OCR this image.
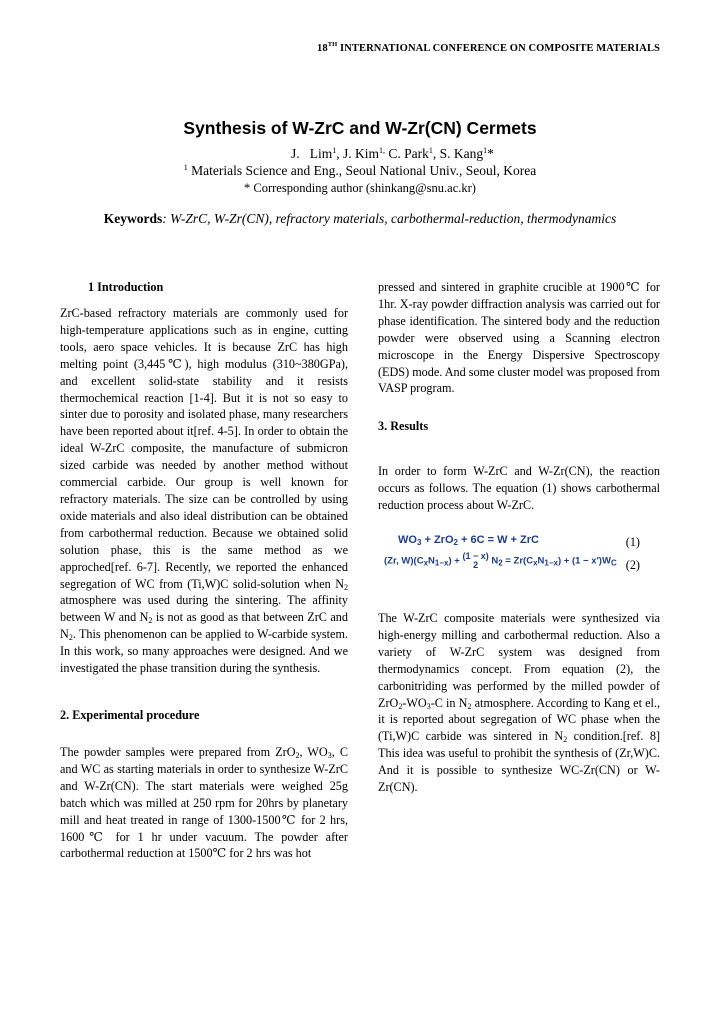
18TH INTERNATIONAL CONFERENCE ON COMPOSITE MATERIALS
Synthesis of W-ZrC and W-Zr(CN) Cermets
J.   Lim$^1$, J. Kim$^{1,}$ C. Park$^1$, S. Kang$^1$*
$^1$ Materials Science and Eng., Seoul National Univ., Seoul, Korea
* Corresponding author (shinkang@snu.ac.kr)
Keywords: W-ZrC, W-Zr(CN), refractory materials, carbothermal-reduction, thermodynamics

1 Introduction

ZrC-based refractory materials are commonly used for high-temperature applications such as in engine, cutting tools, aero space vehicles. It is because ZrC has high melting point (3,445℃), high modulus (310~380GPa), and excellent solid-state stability and it resists thermochemical reaction [1-4]. But it is not so easy to sinter due to porosity and isolated phase, many researchers have been reported about it[ref. 4-5]. In order to obtain the ideal W-ZrC composite, the manufacture of submicron sized carbide was needed by another method without commercial carbide. Our group is well known for refractory materials. The size can be controlled by using oxide materials and also ideal distribution can be obtained from carbothermal reduction. Because we obtained solid solution phase, this is the same method as we approched[ref. 6-7]. Recently, we reported the enhanced segregation of WC from (Ti,W)C solid-solution when $N_2$ atmosphere was used during the sintering. The affinity between W and $N_2$ is not as good as that between ZrC and $N_2$. This phenomenon can be applied to W-carbide system. In this work, so many approaches were designed. And we investigated the phase transition during the synthesis.

2. Experimental procedure

The powder samples were prepared from ZrO$_2$, $WO_3$, C and WC as starting materials in order to synthesize W-ZrC and W-Zr(CN). The start materials were weighed 25g batch which was milled at 250 rpm for 20hrs by planetary mill and heat treated in range of 1300-1500℃ for 2 hrs, 1600℃ for 1 hr under vacuum. The powder after carbothermal reduction at 1500℃ for 2 hrs was hot
pressed and sintered in graphite crucible at 1900℃ for 1hr. X-ray powder diffraction analysis was carried out for phase identification. The sintered body and the reduction powder were observed using a Scanning electron microscope in the Energy Dispersive Spectroscopy (EDS) mode. And some cluster model was proposed from VASP program.

3. Results

In order to form W-ZrC and W-Zr(CN), the reaction occurs as follows. The equation (1) shows carbothermal reduction process about W-ZrC.
$WO_3 + ZrO_2 + 6C = W$ + ZrC	(1)
(Zr, $W)(C_xN_{1-x}) + (1 - x)$
2 $N_2 = Zr(C_xN_{1-x}) + (1 - x')W_C$ (2)
The W-ZrC composite materials were synthesized via high-energy milling and carbothermal reduction. Also a variety of W-ZrC system was designed from thermodynamics concept. From equation (2), the carbonitriding was performed by the milled powder of $ZrO_2-WO_3-C$ in $N_2$ atmosphere. According to Kang et el., it is reported about segregation of WC phase when the (Ti,W)C carbide was sintered in $N_2$ condition.[ref. 8] This idea was useful to prohibit the synthesis of (Zr,W)C. And it is possible to synthesize WC-Zr(CN) or W-Zr(CN).
